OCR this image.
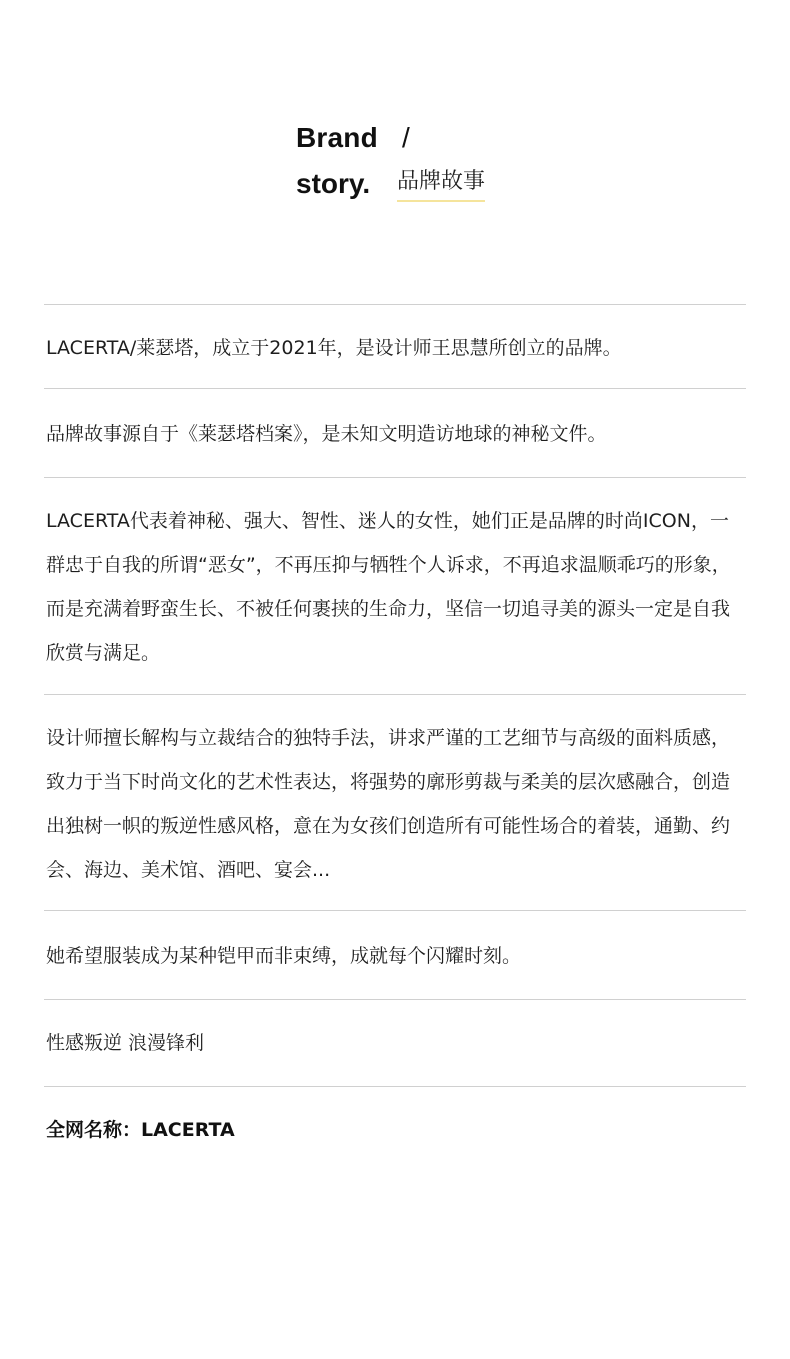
Brand /
story. 品牌故事

LACERTA/莱瑟塔，成立于2021年，是设计师王思慧所创立的品牌。

品牌故事源自于《莱瑟塔档案》，是未知文明造访地球的神秘文件。

LACERTA代表着神秘、强大、智性、迷人的女性，她们正是品牌的时尚ICON，一群忠于自我的所谓“恶女”，不再压抑与牺牲个人诉求，不再追求温顺乖巧的形象，而是充满着野蛮生长、不被任何裹挟的生命力，坚信一切追寻美的源头一定是自我欣赏与满足。

设计师擅长解构与立裁结合的独特手法，讲求严谨的工艺细节与高级的面料质感，致力于当下时尚文化的艺术性表达，将强势的廓形剪裁与柔美的层次感融合，创造出独树一帜的叛逆性感风格，意在为女孩们创造所有可能性场合的着装，通勤、约会、海边、美术馆、酒吧、宴会...

她希望服装成为某种铠甲而非束缚，成就每个闪耀时刻。

性感叛逆 浪漫锋利

全网名称：LACERTA
